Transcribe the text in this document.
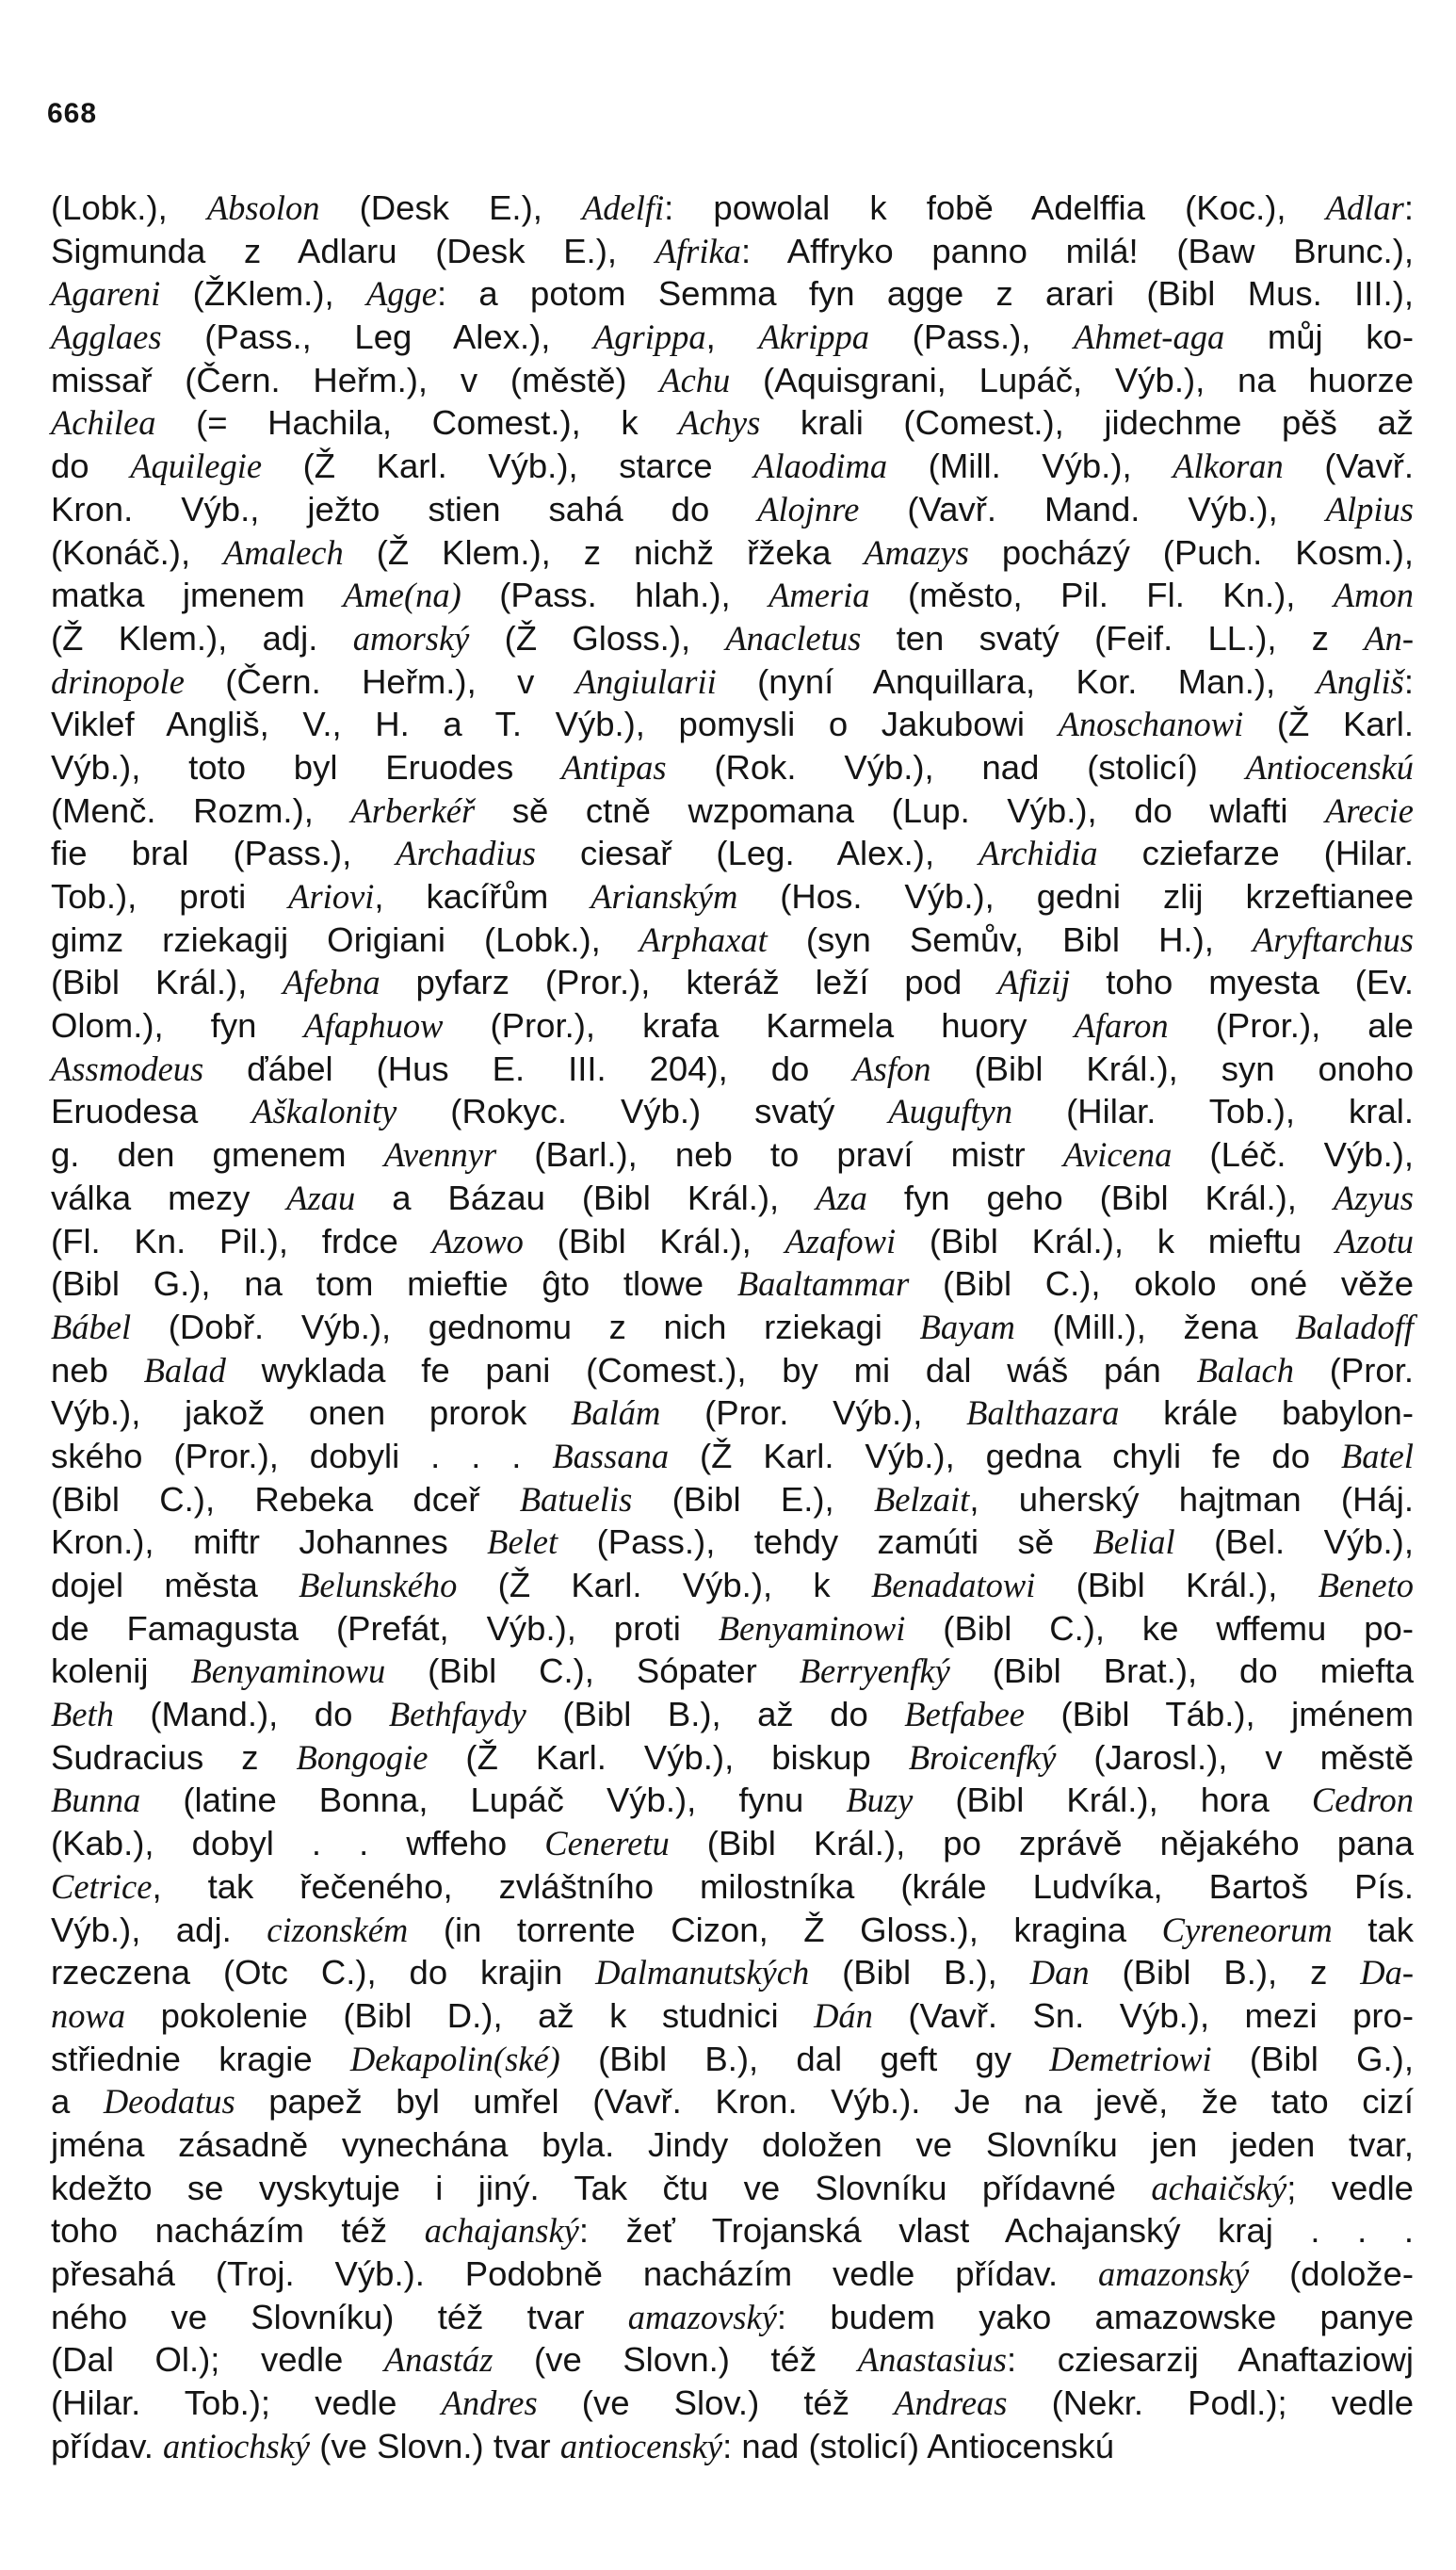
668
(Lobk.), Absolon (Desk E.), Adelfi: powolal k fobě Adelffia (Koc.), Adlar:
Sigmunda z Adlaru (Desk E.), Afrika: Affryko panno milá! (Baw Brunc.),
Agareni (ŽKlem.), Agge: a potom Semma fyn agge z arari (Bibl Mus. III.),
Agglaes (Pass., Leg Alex.), Agrippa, Akrippa (Pass.), Ahmet-aga můj ko-
missař (Čern. Heřm.), v (městě) Achu (Aquisgrani, Lupáč, Výb.), na huorze
Achilea (= Hachila, Comest.), k Achys krali (Comest.), jidechme pěš až
do Aquilegie (Ž Karl. Výb.), starce Alaodima (Mill. Výb.), Alkoran (Vavř.
Kron. Výb., ježto stien sahá do Alojnre (Vavř. Mand. Výb.), Alpius
(Konáč.), Amalech (Ž Klem.), z nichž řžeka Amazys pocházý (Puch. Kosm.),
matka jmenem Ame(na) (Pass. hlah.), Ameria (město, Pil. Fl. Kn.), Amon
(Ž Klem.), adj. amorský (Ž Gloss.), Anacletus ten svatý (Feif. LL.), z An-
drinopole (Čern. Heřm.), v Angiularii (nyní Anquillara, Kor. Man.), Angliš:
Viklef Angliš, V., H. a T. Výb.), pomysli o Jakubowi Anoschanowi (Ž Karl.
Výb.), toto byl Eruodes Antipas (Rok. Výb.), nad (stolicí) Antiocenskú
(Menč. Rozm.), Arberkéř sě ctně wzpomana (Lup. Výb.), do wlafti Arecie
fie bral (Pass.), Archadius ciesař (Leg. Alex.), Archidia cziefarze (Hilar.
Tob.), proti Ariovi, kacířům Arianským (Hos. Výb.), gedni zlij krzeftianee
gimz rziekagij Origiani (Lobk.), Arphaxat (syn Semův, Bibl H.), Aryftarchus
(Bibl Král.), Afebna pyfarz (Pror.), kteráž leží pod Afizij toho myesta (Ev.
Olom.), fyn Afaphuow (Pror.), krafa Karmela huory Afaron (Pror.), ale
Assmodeus ďábel (Hus E. III. 204), do Asfon (Bibl Král.), syn onoho
Eruodesa Aškalonity (Rokyc. Výb.) svatý Auguftyn (Hilar. Tob.), kral.
g. den gmenem Avennyr (Barl.), neb to praví mistr Avicena (Léč. Výb.),
válka mezy Azau a Bázau (Bibl Král.), Aza fyn geho (Bibl Král.), Azyus
(Fl. Kn. Pil.), frdce Azowo (Bibl Král.), Azafowi (Bibl Král.), k mieftu Azotu
(Bibl G.), na tom mieftie ĝto tlowe Baaltammar (Bibl C.), okolo oné věže
Bábel (Dobř. Výb.), gednomu z nich rziekagi Bayam (Mill.), žena Baladoff
neb Balad wyklada fe pani (Comest.), by mi dal wáš pán Balach (Pror.
Výb.), jakož onen prorok Balám (Pror. Výb.), Balthazara krále babylon-
ského (Pror.), dobyli . . . Bassana (Ž Karl. Výb.), gedna chyli fe do Batel
(Bibl C.), Rebeka dceř Batuelis (Bibl E.), Belzait, uherský hajtman (Háj.
Kron.), miftr Johannes Belet (Pass.), tehdy zamúti sě Belial (Bel. Výb.),
dojel města Belunského (Ž Karl. Výb.), k Benadatowi (Bibl Král.), Beneto
de Famagusta (Prefát, Výb.), proti Benyaminowi (Bibl C.), ke wffemu po-
kolenij Benyaminowu (Bibl C.), Sópater Berryenfký (Bibl Brat.), do miefta
Beth (Mand.), do Bethfaydy (Bibl B.), až do Betfabee (Bibl Táb.), jménem
Sudracius z Bongogie (Ž Karl. Výb.), biskup Broicenfký (Jarosl.), v městě
Bunna (latine Bonna, Lupáč Výb.), fynu Buzy (Bibl Král.), hora Cedron
(Kab.), dobyl . . wffeho Ceneretu (Bibl Král.), po zprávě nějakého pana
Cetrice, tak řečeného, zvláštního milostníka (krále Ludvíka, Bartoš Pís.
Výb.), adj. cizonském (in torrente Cizon, Ž Gloss.), kragina Cyreneorum tak
rzeczena (Otc C.), do krajin Dalmanutských (Bibl B.), Dan (Bibl B.), z Da-
nowa pokolenie (Bibl D.), až k studnici Dán (Vavř. Sn. Výb.), mezi pro-
střiednie kragie Dekapolin(ské) (Bibl B.), dal geft gy Demetriowi (Bibl G.),
a Deodatus papež byl umřel (Vavř. Kron. Výb.). Je na jevě, že tato cizí
jména zásadně vynechána byla. Jindy doložen ve Slovníku jen jeden tvar,
kdežto se vyskytuje i jiný. Tak čtu ve Slovníku přídavné achaičský; vedle
toho nacházím též achajanský: žeť Trojanská vlast Achajanský kraj . . .
přesahá (Troj. Výb.). Podobně nacházím vedle přídav. amazonský (dolože-
ného ve Slovníku) též tvar amazovský: budem yako amazowske panye
(Dal Ol.); vedle Anastáz (ve Slovn.) též Anastasius: cziesarzij Anaftaziowj
(Hilar. Tob.); vedle Andres (ve Slov.) též Andreas (Nekr. Podl.); vedle
přídav. antiochský (ve Slovn.) tvar antiocenský: nad (stolicí) Antiocenskú
